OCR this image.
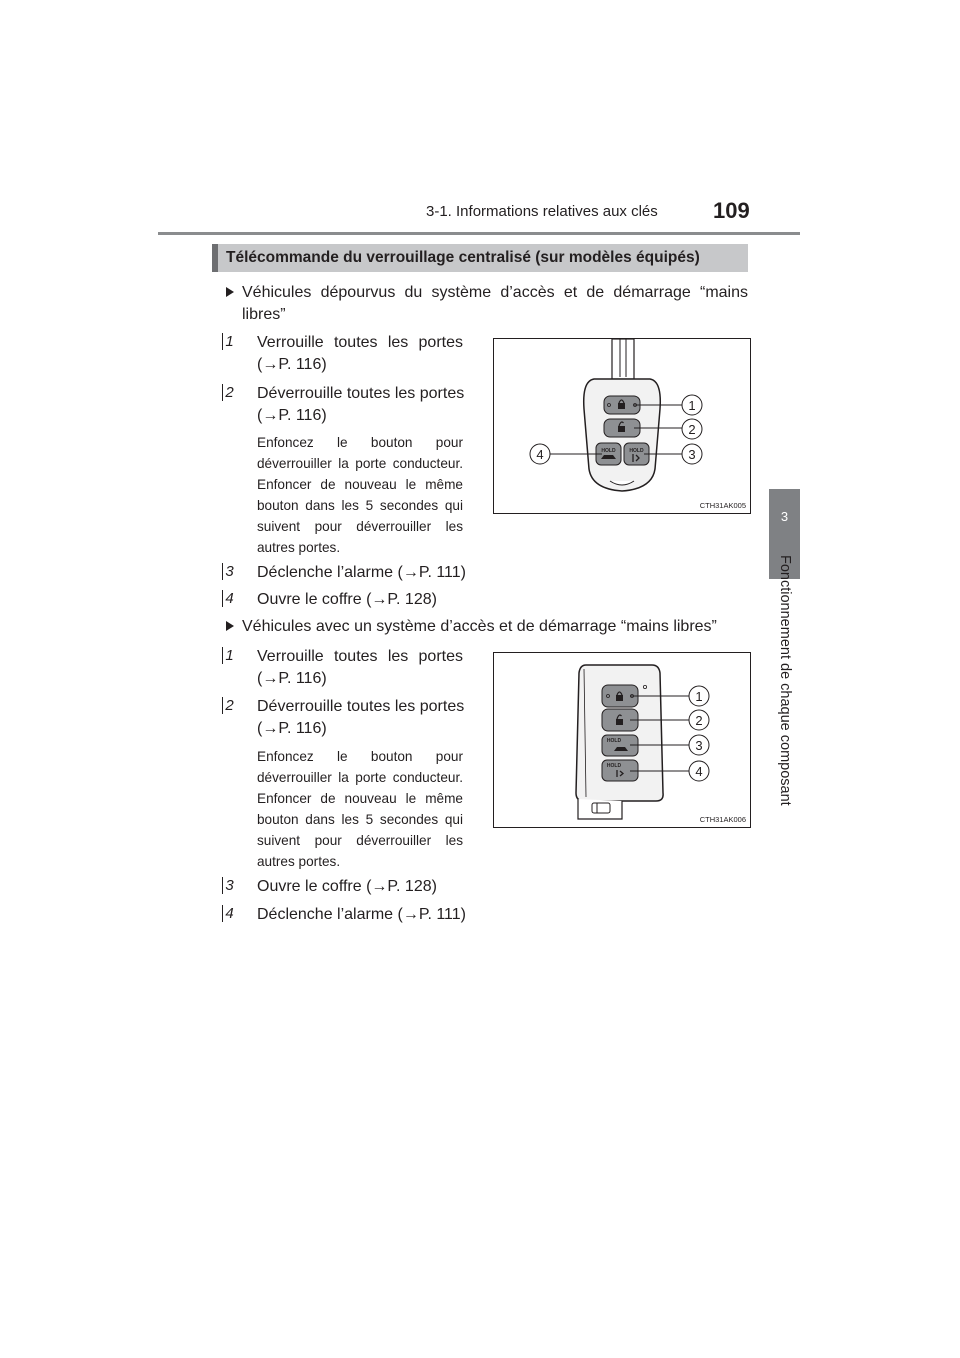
3-1. Informations relatives aux clés	109
3
Fonctionnement de chaque composant
Télécommande du verrouillage centralisé (sur modèles équipés)
Véhicules dépourvus du système d’accès et de démarrage “mains libres”
1 Verrouille toutes les portes
(→P. 116)
2 Déverrouille toutes les portes
(→P. 116)
Enfoncez le bouton pour déverrouiller la porte conducteur. Enfoncer de nouveau le même bouton dans les 5 secondes qui suivent pour déverrouiller les autres portes.
3 Déclenche l’alarme (→P. 111)
4 Ouvre le coffre (→P. 128)
HOLD	HOLD
1
2
3
4
CTH31AK005
Véhicules avec un système d’accès et de démarrage “mains libres”
1 Verrouille toutes les portes
(→P. 116)
2 Déverrouille toutes les portes
(→P. 116)
Enfoncez le bouton pour déverrouiller la porte conducteur. Enfoncer de nouveau le même bouton dans les 5 secondes qui suivent pour déverrouiller les autres portes.
3 Ouvre le coffre (→P. 128)
4 Déclenche l’alarme (→P. 111)
HOLD
HOLD
1
2
3
4
CTH31AK006
